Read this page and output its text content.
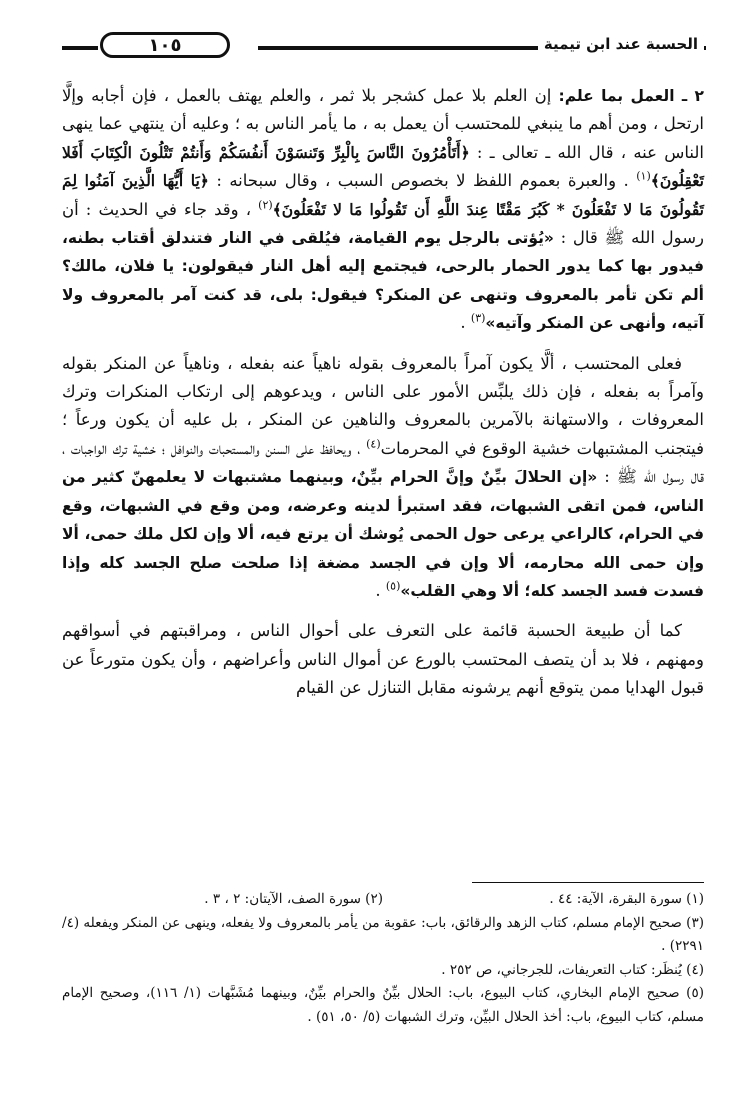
١٠٥	الحسبة عند ابن تيمية

٢ ـ العمل بما علم: إن العلم بلا عمل كشجر بلا ثمر ، والعلم يهتف بالعمل ، فإن أجابه وإلَّا ارتحل ، ومن أهم ما ينبغي للمحتسب أن يعمل به ، ما يأمر الناس به ؛ وعليه أن ينتهي عما ينهى الناس عنه ، قال الله ـ تعالى ـ : ﴿أَتَأْمُرُونَ النَّاسَ بِالْبِرِّ وَتَنسَوْنَ أَنفُسَكُمْ وَأَنتُمْ تَتْلُونَ الْكِتَابَ أَفَلا تَعْقِلُونَ﴾$^{(١)}$ . والعبرة بعموم اللفظ لا بخصوص السبب ، وقال سبحانه : ﴿يَا أَيُّهَا الَّذِينَ آمَنُوا لِمَ تَقُولُونَ مَا لا تَفْعَلُونَ * كَبُرَ مَقْتًا عِندَ اللَّهِ أَن تَقُولُوا مَا لا تَفْعَلُونَ﴾$^{(٢)}$ ، وقد جاء في الحديث : أن رسول الله ﷺ قال : «يُؤتى بالرجل يوم القيامة، فيُلقى في النار فتندلق أقتاب بطنه، فيدور بها كما يدور الحمار بالرحى، فيجتمع إليه أهل النار فيقولون: يا فلان، مالك؟ ألم تكن تأمر بالمعروف وتنهى عن المنكر؟ فيقول: بلى، قد كنت آمر بالمعروف ولا آتيه، وأنهى عن المنكر وآتيه»$^{(٣)}$ .

فعلى المحتسب ، ألَّا يكون آمراً بالمعروف بقوله ناهياً عنه بفعله ، وناهياً عن المنكر بقوله وآمراً به بفعله ، فإن ذلك يلبِّس الأمور على الناس ، ويدعوهم إلى ارتكاب المنكرات وترك المعروفات ، والاستهانة بالآمرين بالمعروف والناهين عن المنكر ، بل عليه أن يكون ورعاً ؛ فيتجنب المشتبهات خشية الوقوع في المحرمات$^{(٤)}$ ، ويحافظ على السنن والمستحبات والنوافل ؛ خشية ترك الواجبات ، قال رسول الله ﷺ : «إن الحلالَ بيِّنٌ وإنَّ الحرام بيِّنٌ، وبينهما مشتبهات لا يعلمهنّ كثير من الناس، فمن اتقى الشبهات، فقد استبرأ لدينه وعرضه، ومن وقع في الشبهات، وقع في الحرام، كالراعي يرعى حول الحمى يُوشك أن يرتع فيه، ألا وإن لكل ملك حمى، ألا وإن حمى الله محارمه، ألا وإن في الجسد مضغة إذا صلحت صلح الجسد كله وإذا فسدت فسد الجسد كله؛ ألا وهي القلب»$^{(٥)}$ .

كما أن طبيعة الحسبة قائمة على التعرف على أحوال الناس ، ومراقبتهم في أسواقهم ومهنهم ، فلا بد أن يتصف المحتسب بالورع عن أموال الناس وأعراضهم ، وأن يكون متورعاً عن قبول الهدايا ممن يتوقع أنهم يرشونه مقابل التنازل عن القيام

(١) سورة البقرة، الآية: ٤٤ .
(٢) سورة الصف، الآيتان: ٢ ، ٣ .

(٣) صحيح الإمام مسلم، كتاب الزهد والرقائق، باب: عقوبة من يأمر بالمعروف ولا يفعله، وينهى عن المنكر ويفعله (٤/ ٢٢٩١) .

(٤) يُنظَر: كتاب التعريفات، للجرجاني، ص ٢٥٢ .

(٥) صحيح الإمام البخاري، كتاب البيوع، باب: الحلال بيِّنٌ والحرام بيِّنٌ، وبينهما مُشَبَّهات (١/ ١١٦)، وصحيح الإمام مسلم، كتاب البيوع، باب: أخذ الحلال البيِّن، وترك الشبهات (٥/ ٥٠، ٥١) .
